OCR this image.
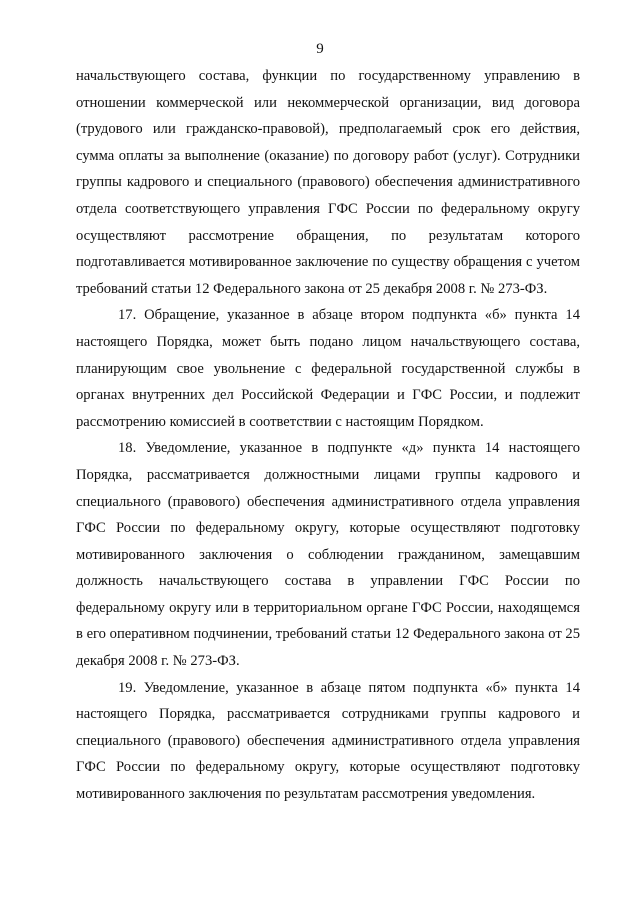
9

начальствующего состава, функции по государственному управлению в отношении коммерческой или некоммерческой организации, вид договора (трудового или гражданско-правовой), предполагаемый срок его действия, сумма оплаты за выполнение (оказание) по договору работ (услуг). Сотрудники группы кадрового и специального (правового) обеспечения административного отдела соответствующего управления ГФС России по федеральному округу осуществляют рассмотрение обращения, по результатам которого подготавливается мотивированное заключение по существу обращения с учетом требований статьи 12 Федерального закона от 25 декабря 2008 г. № 273-ФЗ.

17. Обращение, указанное в абзаце втором подпункта «б» пункта 14 настоящего Порядка, может быть подано лицом начальствующего состава, планирующим свое увольнение с федеральной государственной службы в органах внутренних дел Российской Федерации и ГФС России, и подлежит рассмотрению комиссией в соответствии с настоящим Порядком.

18. Уведомление, указанное в подпункте «д» пункта 14 настоящего Порядка, рассматривается должностными лицами группы кадрового и специального (правового) обеспечения административного отдела управления ГФС России по федеральному округу, которые осуществляют подготовку мотивированного заключения о соблюдении гражданином, замещавшим должность начальствующего состава в управлении ГФС России по федеральному округу или в территориальном органе ГФС России, находящемся в его оперативном подчинении, требований статьи 12 Федерального закона от 25 декабря 2008 г. № 273-ФЗ.

19. Уведомление, указанное в абзаце пятом подпункта «б» пункта 14 настоящего Порядка, рассматривается сотрудниками группы кадрового и специального (правового) обеспечения административного отдела управления ГФС России по федеральному округу, которые осуществляют подготовку мотивированного заключения по результатам рассмотрения уведомления.
